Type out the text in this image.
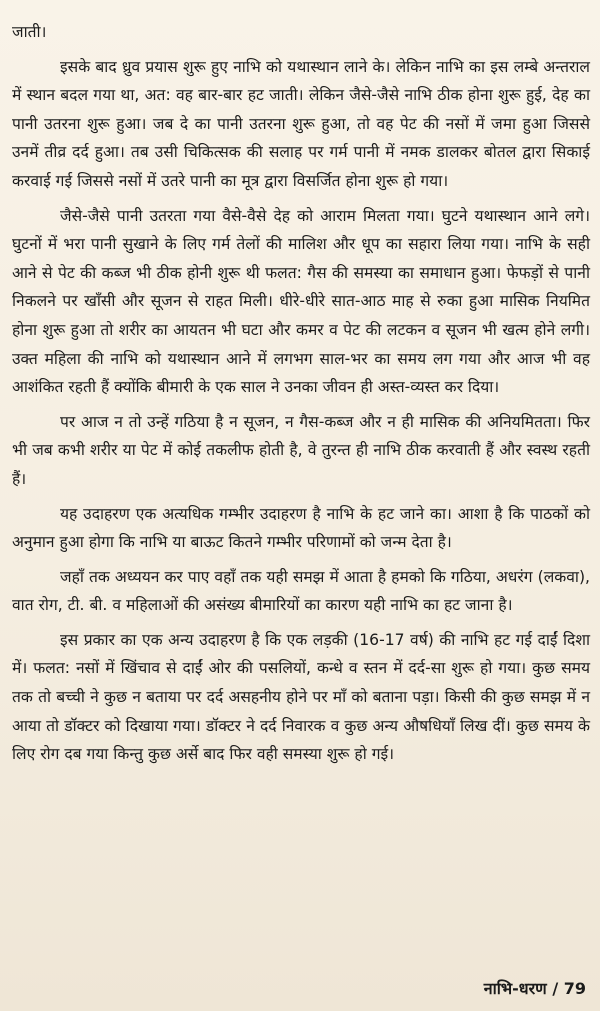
जाती।

इसके बाद ध्रुव प्रयास शुरू हुए नाभि को यथास्थान लाने के। लेकिन नाभि का इस लम्बे अन्तराल में स्थान बदल गया था, अत: वह बार-बार हट जाती। लेकिन जैसे-जैसे नाभि ठीक होना शुरू हुई, देह का पानी उतरना शुरू हुआ। जब दे का पानी उतरना शुरू हुआ, तो वह पेट की नसों में जमा हुआ जिससे उनमें तीव्र दर्द हुआ। तब उसी चिकित्सक की सलाह पर गर्म पानी में नमक डालकर बोतल द्वारा सिकाई करवाई गई जिससे नसों में उतरे पानी का मूत्र द्वारा विसर्जित होना शुरू हो गया।

जैसे-जैसे पानी उतरता गया वैसे-वैसे देह को आराम मिलता गया। घुटने यथास्थान आने लगे। घुटनों में भरा पानी सुखाने के लिए गर्म तेलों की मालिश और धूप का सहारा लिया गया। नाभि के सही आने से पेट की कब्ज भी ठीक होनी शुरू थी फलत: गैस की समस्या का समाधान हुआ। फेफड़ों से पानी निकलने पर खाँसी और सूजन से राहत मिली। धीरे-धीरे सात-आठ माह से रुका हुआ मासिक नियमित होना शुरू हुआ तो शरीर का आयतन भी घटा और कमर व पेट की लटकन व सूजन भी खत्म होने लगी। उक्त महिला की नाभि को यथास्थान आने में लगभग साल-भर का समय लग गया और आज भी वह आशंकित रहती हैं क्योंकि बीमारी के एक साल ने उनका जीवन ही अस्त-व्यस्त कर दिया।

पर आज न तो उन्हें गठिया है न सूजन, न गैस-कब्ज और न ही मासिक की अनियमितता। फिर भी जब कभी शरीर या पेट में कोई तकलीफ होती है, वे तुरन्त ही नाभि ठीक करवाती हैं और स्वस्थ रहती हैं।

यह उदाहरण एक अत्यधिक गम्भीर उदाहरण है नाभि के हट जाने का। आशा है कि पाठकों को अनुमान हुआ होगा कि नाभि या बाऊट कितने गम्भीर परिणामों को जन्म देता है।

जहाँ तक अध्ययन कर पाए वहाँ तक यही समझ में आता है हमको कि गठिया, अधरंग (लकवा), वात रोग, टी. बी. व महिलाओं की असंख्य बीमारियों का कारण यही नाभि का हट जाना है।

इस प्रकार का एक अन्य उदाहरण है कि एक लड़की (16-17 वर्ष) की नाभि हट गई दाईं दिशा में। फलत: नसों में खिंचाव से दाईं ओर की पसलियों, कन्धे व स्तन में दर्द-सा शुरू हो गया। कुछ समय तक तो बच्ची ने कुछ न बताया पर दर्द असहनीय होने पर माँ को बताना पड़ा। किसी की कुछ समझ में न आया तो डॉक्टर को दिखाया गया। डॉक्टर ने दर्द निवारक व कुछ अन्य औषधियाँ लिख दीं। कुछ समय के लिए रोग दब गया किन्तु कुछ अर्से बाद फिर वही समस्या शुरू हो गई।

नाभि-धरण / 79
